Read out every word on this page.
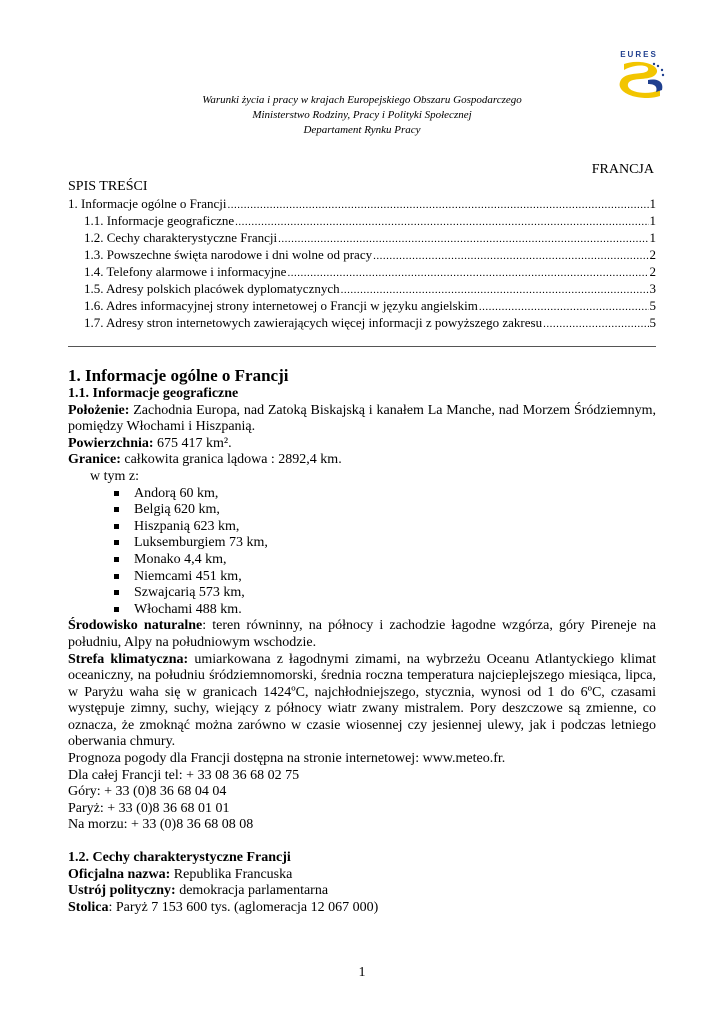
EURES
Warunki życia i pracy w krajach Europejskiego Obszaru Gospodarczego
Ministerstwo Rodziny, Pracy i Polityki Społecznej
Departament Rynku Pracy
FRANCJA
SPIS TREŚCI
1. Informacje ogólne o Francji .....	1
1.1. Informacje geograficzne .....	1
1.2. Cechy charakterystyczne Francji .....	1
1.3. Powszechne święta narodowe i dni wolne od pracy .....	2
1.4. Telefony alarmowe i informacyjne .....	2
1.5. Adresy polskich placówek dyplomatycznych .....	3
1.6. Adres informacyjnej strony internetowej o Francji w języku angielskim .....	5
1.7. Adresy stron internetowych zawierających więcej informacji z powyższego zakresu .....	5
1. Informacje ogólne o Francji
1.1. Informacje geograficzne
Położenie: Zachodnia Europa, nad Zatoką Biskajską i kanałem La Manche, nad Morzem Śródziemnym, pomiędzy Włochami i Hiszpanią.
Powierzchnia: 675 417 km².
Granice: całkowita granica lądowa : 2892,4 km.
w tym z:
Andorą 60 km,
Belgią 620 km,
Hiszpanią 623 km,
Luksemburgiem 73 km,
Monako 4,4 km,
Niemcami 451 km,
Szwajcarią 573 km,
Włochami 488 km.
Środowisko naturalne: teren równinny, na północy i zachodzie łagodne wzgórza, góry Pireneje na południu, Alpy na południowym wschodzie.
Strefa klimatyczna: umiarkowana z łagodnymi zimami, na wybrzeżu Oceanu Atlantyckiego klimat oceaniczny, na południu śródziemnomorski, średnia roczna temperatura najcieplejszego miesiąca, lipca, w Paryżu waha się w granicach 1424ºC, najchłodniejszego, stycznia, wynosi od 1 do 6ºC, czasami występuje zimny, suchy, wiejący z północy wiatr zwany mistralem. Pory deszczowe są zmienne, co oznacza, że zmoknąć można zarówno w czasie wiosennej czy jesiennej ulewy, jak i podczas letniego oberwania chmury.
Prognoza pogody dla Francji dostępna na stronie internetowej: www.meteo.fr.
Dla całej Francji tel: + 33 08 36 68 02 75
Góry: + 33 (0)8 36 68 04 04
Paryż: + 33 (0)8 36 68 01 01
Na morzu: + 33 (0)8 36 68 08 08
1.2. Cechy charakterystyczne Francji
Oficjalna nazwa: Republika Francuska
Ustrój polityczny: demokracja parlamentarna
Stolica: Paryż 7 153 600 tys. (aglomeracja 12 067 000)
1
